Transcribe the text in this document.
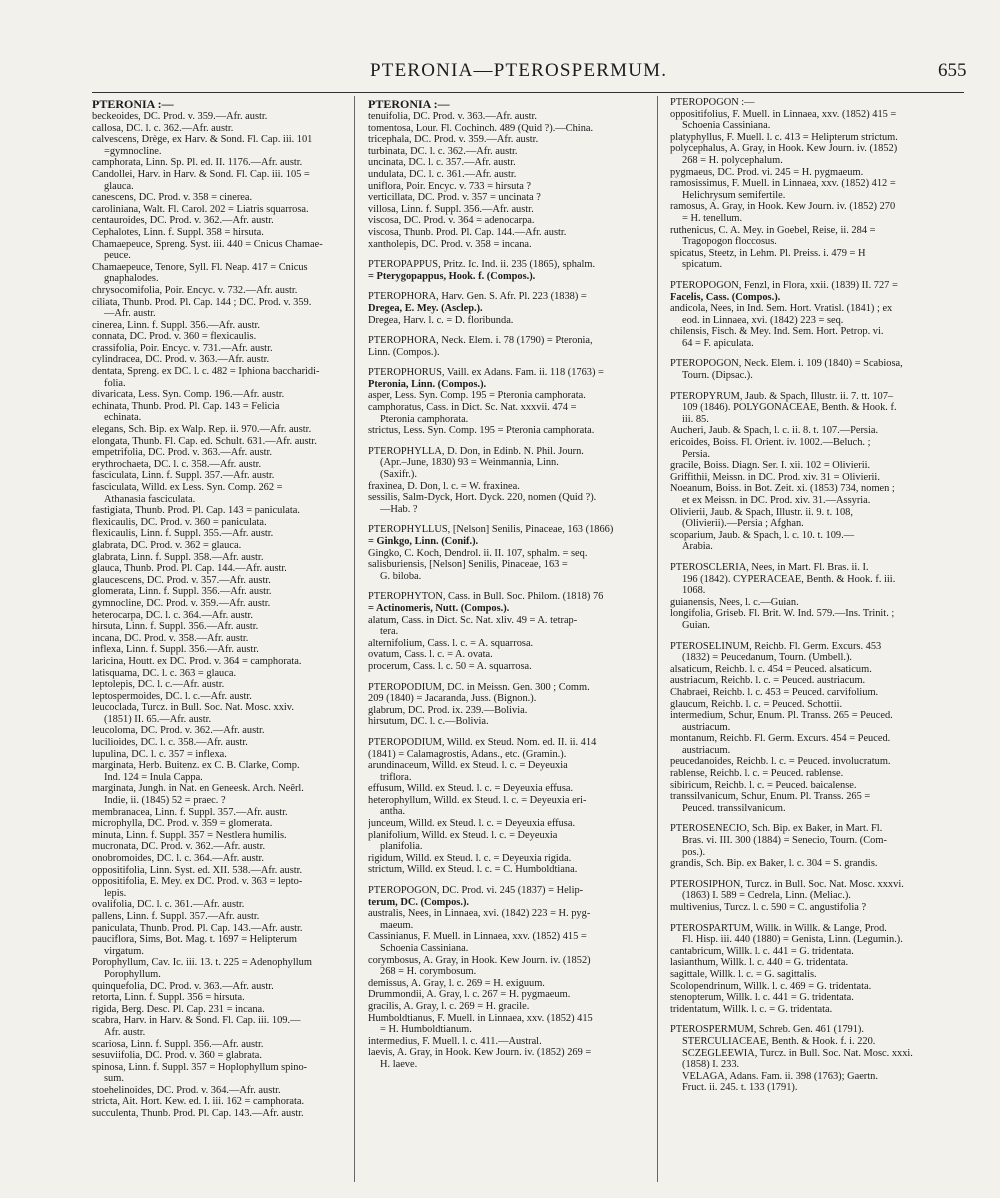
PTERONIA—PTEROSPERMUM.	655
PTERONIA :—
beckeoides, DC. Prod. v. 359.—Afr. austr.
callosa, DC. l. c. 362.—Afr. austr.
calvescens, Drège, ex Harv. & Sond. Fl. Cap. iii. 101
=gymnocline.
camphorata, Linn. Sp. Pl. ed. II. 1176.—Afr. austr.
Candollei, Harv. in Harv. & Sond. Fl. Cap. iii. 105 =
glauca.
canescens, DC. Prod. v. 358 = cinerea.
caroliniana, Walt. Fl. Carol. 202 = Liatris squarrosa.
centauroides, DC. Prod. v. 362.—Afr. austr.
Cephalotes, Linn. f. Suppl. 358 = hirsuta.
Chamaepeuce, Spreng. Syst. iii. 440 = Cnicus Chamae-
peuce.
Chamaepeuce, Tenore, Syll. Fl. Neap. 417 = Cnicus
gnaphalodes.
chrysocomifolia, Poir. Encyc. v. 732.—Afr. austr.
ciliata, Thunb. Prod. Pl. Cap. 144 ; DC. Prod. v. 359.
—Afr. austr.
cinerea, Linn. f. Suppl. 356.—Afr. austr.
connata, DC. Prod. v. 360 = flexicaulis.
crassifolia, Poir. Encyc. v. 731.—Afr. austr.
cylindracea, DC. Prod. v. 363.—Afr. austr.
dentata, Spreng. ex DC. l. c. 482 = Iphiona baccharidi-
folia.
divaricata, Less. Syn. Comp. 196.—Afr. austr.
echinata, Thunb. Prod. Pl. Cap. 143 = Felicia
echinata.
elegans, Sch. Bip. ex Walp. Rep. ii. 970.—Afr. austr.
elongata, Thunb. Fl. Cap. ed. Schult. 631.—Afr. austr.
empetrifolia, DC. Prod. v. 363.—Afr. austr.
erythrochaeta, DC. l. c. 358.—Afr. austr.
fasciculata, Linn. f. Suppl. 357.—Afr. austr.
fasciculata, Willd. ex Less. Syn. Comp. 262 =
Athanasia fasciculata.
fastigiata, Thunb. Prod. Pl. Cap. 143 = paniculata.
flexicaulis, DC. Prod. v. 360 = paniculata.
flexicaulis, Linn. f. Suppl. 355.—Afr. austr.
glabrata, DC. Prod. v. 362 = glauca.
glabrata, Linn. f. Suppl. 358.—Afr. austr.
glauca, Thunb. Prod. Pl. Cap. 144.—Afr. austr.
glaucescens, DC. Prod. v. 357.—Afr. austr.
glomerata, Linn. f. Suppl. 356.—Afr. austr.
gymnocline, DC. Prod. v. 359.—Afr. austr.
heterocarpa, DC. l. c. 364.—Afr. austr.
hirsuta, Linn. f. Suppl. 356.—Afr. austr.
incana, DC. Prod. v. 358.—Afr. austr.
inflexa, Linn. f. Suppl. 356.—Afr. austr.
laricina, Houtt. ex DC. Prod. v. 364 = camphorata.
latisquama, DC. l. c. 363 = glauca.
leptolepis, DC. l. c.—Afr. austr.
leptospermoides, DC. l. c.—Afr. austr.
leucoclada, Turcz. in Bull. Soc. Nat. Mosc. xxiv.
(1851) II. 65.—Afr. austr.
leucoloma, DC. Prod. v. 362.—Afr. austr.
lucilioides, DC. l. c. 358.—Afr. austr.
lupulina, DC. l. c. 357 = inflexa.
marginata, Herb. Buitenz. ex C. B. Clarke, Comp.
Ind. 124 = Inula Cappa.
marginata, Jungh. in Nat. en Geneesk. Arch. Neêrl.
Indie, ii. (1845) 52 = praec. ?
membranacea, Linn. f. Suppl. 357.—Afr. austr.
microphylla, DC. Prod. v. 359 = glomerata.
minuta, Linn. f. Suppl. 357 = Nestlera humilis.
mucronata, DC. Prod. v. 362.—Afr. austr.
onobromoides, DC. l. c. 364.—Afr. austr.
oppositifolia, Linn. Syst. ed. XII. 538.—Afr. austr.
oppositifolia, E. Mey. ex DC. Prod. v. 363 = lepto-
lepis.
ovalifolia, DC. l. c. 361.—Afr. austr.
pallens, Linn. f. Suppl. 357.—Afr. austr.
paniculata, Thunb. Prod. Pl. Cap. 143.—Afr. austr.
pauciflora, Sims, Bot. Mag. t. 1697 = Helipterum
virgatum.
Porophyllum, Cav. Ic. iii. 13. t. 225 = Adenophyllum
Porophyllum.
quinquefolia, DC. Prod. v. 363.—Afr. austr.
retorta, Linn. f. Suppl. 356 = hirsuta.
rigida, Berg. Desc. Pl. Cap. 231 = incana.
scabra, Harv. in Harv. & Sond. Fl. Cap. iii. 109.—
Afr. austr.
scariosa, Linn. f. Suppl. 356.—Afr. austr.
sesuviifolia, DC. Prod. v. 360 = glabrata.
spinosa, Linn. f. Suppl. 357 = Hoplophyllum spino-
sum.
stoehelinoides, DC. Prod. v. 364.—Afr. austr.
stricta, Ait. Hort. Kew. ed. I. iii. 162 = camphorata.
succulenta, Thunb. Prod. Pl. Cap. 143.—Afr. austr.
PTERONIA :—
tenuifolia, DC. Prod. v. 363.—Afr. austr.
tomentosa, Lour. Fl. Cochinch. 489 (Quid ?).—China.
tricephala, DC. Prod. v. 359.—Afr. austr.
turbinata, DC. l. c. 362.—Afr. austr.
uncinata, DC. l. c. 357.—Afr. austr.
undulata, DC. l. c. 361.—Afr. austr.
uniflora, Poir. Encyc. v. 733 = hirsuta ?
verticillata, DC. Prod. v. 357 = uncinata ?
villosa, Linn. f. Suppl. 356.—Afr. austr.
viscosa, DC. Prod. v. 364 = adenocarpa.
viscosa, Thunb. Prod. Pl. Cap. 144.—Afr. austr.
xantholepis, DC. Prod. v. 358 = incana.
PTEROPAPPUS, Pritz. Ic. Ind. ii. 235 (1865), sphalm.
= Pterygopappus, Hook. f. (Compos.).
PTEROPHORA, Harv. Gen. S. Afr. Pl. 223 (1838) =
Dregea, E. Mey. (Asclep.).
Dregea, Harv. l. c. = D. floribunda.
PTEROPHORA, Neck. Elem. i. 78 (1790) = Pteronia,
Linn. (Compos.).
PTEROPHORUS, Vaill. ex Adans. Fam. ii. 118 (1763) =
Pteronia, Linn. (Compos.).
asper, Less. Syn. Comp. 195 = Pteronia camphorata.
camphoratus, Cass. in Dict. Sc. Nat. xxxvii. 474 =
Pteronia camphorata.
strictus, Less. Syn. Comp. 195 = Pteronia camphorata.
PTEROPHYLLA, D. Don, in Edinb. N. Phil. Journ.
(Apr.–June, 1830) 93 = Weinmannia, Linn.
(Saxifr.).
fraxinea, D. Don, l. c. = W. fraxinea.
sessilis, Salm-Dyck, Hort. Dyck. 220, nomen (Quid ?).
—Hab. ?
PTEROPHYLLUS, [Nelson] Senilis, Pinaceae, 163 (1866)
= Ginkgo, Linn. (Conif.).
Gingko, C. Koch, Dendrol. ii. II. 107, sphalm. = seq.
salisburiensis, [Nelson] Senilis, Pinaceae, 163 =
G. biloba.
PTEROPHYTON, Cass. in Bull. Soc. Philom. (1818) 76
= Actinomeris, Nutt. (Compos.).
alatum, Cass. in Dict. Sc. Nat. xliv. 49 = A. tetrap-
tera.
alternifolium, Cass. l. c. = A. squarrosa.
ovatum, Cass. l. c. = A. ovata.
procerum, Cass. l. c. 50 = A. squarrosa.
PTEROPODIUM, DC. in Meissn. Gen. 300 ; Comm.
209 (1840) = Jacaranda, Juss. (Bignon.).
glabrum, DC. Prod. ix. 239.—Bolivia.
hirsutum, DC. l. c.—Bolivia.
PTEROPODIUM, Willd. ex Steud. Nom. ed. II. ii. 414
(1841) = Calamagrostis, Adans., etc. (Gramin.).
arundinaceum, Willd. ex Steud. l. c. = Deyeuxia
triflora.
effusum, Willd. ex Steud. l. c. = Deyeuxia effusa.
heterophyllum, Willd. ex Steud. l. c. = Deyeuxia eri-
antha.
junceum, Willd. ex Steud. l. c. = Deyeuxia effusa.
planifolium, Willd. ex Steud. l. c. = Deyeuxia
planifolia.
rigidum, Willd. ex Steud. l. c. = Deyeuxia rigida.
strictum, Willd. ex Steud. l. c. = C. Humboldtiana.
PTEROPOGON, DC. Prod. vi. 245 (1837) = Helip-
terum, DC. (Compos.).
australis, Nees, in Linnaea, xvi. (1842) 223 = H. pyg-
maeum.
Cassinianus, F. Muell. in Linnaea, xxv. (1852) 415 =
Schoenia Cassiniana.
corymbosus, A. Gray, in Hook. Kew Journ. iv. (1852)
268 = H. corymbosum.
demissus, A. Gray, l. c. 269 = H. exiguum.
Drummondii, A. Gray, l. c. 267 = H. pygmaeum.
gracilis, A. Gray, l. c. 269 = H. gracile.
Humboldtianus, F. Muell. in Linnaea, xxv. (1852) 415
= H. Humboldtianum.
intermedius, F. Muell. l. c. 411.—Austral.
laevis, A. Gray, in Hook. Kew Journ. iv. (1852) 269 =
H. laeve.
PTEROPOGON :—
oppositifolius, F. Muell. in Linnaea, xxv. (1852) 415 =
Schoenia Cassiniana.
platyphyllus, F. Muell. l. c. 413 = Helipterum strictum.
polycephalus, A. Gray, in Hook. Kew Journ. iv. (1852)
268 = H. polycephalum.
pygmaeus, DC. Prod. vi. 245 = H. pygmaeum.
ramosissimus, F. Muell. in Linnaea, xxv. (1852) 412 =
Helichrysum semifertile.
ramosus, A. Gray, in Hook. Kew Journ. iv. (1852) 270
= H. tenellum.
ruthenicus, C. A. Mey. in Goebel, Reise, ii. 284 =
Tragopogon floccosus.
spicatus, Steetz, in Lehm. Pl. Preiss. i. 479 = H
spicatum.
PTEROPOGON, Fenzl, in Flora, xxii. (1839) II. 727 =
Facelis, Cass. (Compos.).
andicola, Nees, in Ind. Sem. Hort. Vratisl. (1841) ; ex
eod. in Linnaea, xvi. (1842) 223 = seq.
chilensis, Fisch. & Mey. Ind. Sem. Hort. Petrop. vi.
64 = F. apiculata.
PTEROPOGON, Neck. Elem. i. 109 (1840) = Scabiosa,
Tourn. (Dipsac.).
PTEROPYRUM, Jaub. & Spach, Illustr. ii. 7. tt. 107–
109 (1846). POLYGONACEAE, Benth. & Hook. f.
iii. 85.
Aucheri, Jaub. & Spach, l. c. ii. 8. t. 107.—Persia.
ericoides, Boiss. Fl. Orient. iv. 1002.—Beluch. ;
Persia.
gracile, Boiss. Diagn. Ser. I. xii. 102 = Olivierii.
Griffithii, Meissn. in DC. Prod. xiv. 31 = Olivierii.
Noeanum, Boiss. in Bot. Zeit. xi. (1853) 734, nomen ;
et ex Meissn. in DC. Prod. xiv. 31.—Assyria.
Olivierii, Jaub. & Spach, Illustr. ii. 9. t. 108,
(Olivierii).—Persia ; Afghan.
scoparium, Jaub. & Spach, l. c. 10. t. 109.—
Arabia.
PTEROSCLERIA, Nees, in Mart. Fl. Bras. ii. I.
196 (1842). CYPERACEAE, Benth. & Hook. f. iii.
1068.
guianensis, Nees, l. c.—Guian.
longifolia, Griseb. Fl. Brit. W. Ind. 579.—Ins. Trinit. ;
Guian.
PTEROSELINUM, Reichb. Fl. Germ. Excurs. 453
(1832) = Peucedanum, Tourn. (Umbell.).
alsaticum, Reichb. l. c. 454 = Peuced. alsaticum.
austriacum, Reichb. l. c. = Peuced. austriacum.
Chabraei, Reichb. l. c. 453 = Peuced. carvifolium.
glaucum, Reichb. l. c. = Peuced. Schottii.
intermedium, Schur, Enum. Pl. Transs. 265 = Peuced.
austriacum.
montanum, Reichb. Fl. Germ. Excurs. 454 = Peuced.
austriacum.
peucedanoides, Reichb. l. c. = Peuced. involucratum.
rablense, Reichb. l. c. = Peuced. rablense.
sibiricum, Reichb. l. c. = Peuced. baicalense.
transsilvanicum, Schur, Enum. Pl. Transs. 265 =
Peuced. transsilvanicum.
PTEROSENECIO, Sch. Bip. ex Baker, in Mart. Fl.
Bras. vi. III. 300 (1884) = Senecio, Tourn. (Com-
pos.).
grandis, Sch. Bip. ex Baker, l. c. 304 = S. grandis.
PTEROSIPHON, Turcz. in Bull. Soc. Nat. Mosc. xxxvi.
(1863) I. 589 = Cedrela, Linn. (Meliac.).
multivenius, Turcz. l. c. 590 = C. angustifolia ?
PTEROSPARTUM, Willk. in Willk. & Lange, Prod.
Fl. Hisp. iii. 440 (1880) = Genista, Linn. (Legumin.).
cantabricum, Willk. l. c. 441 = G. tridentata.
lasianthum, Willk. l. c. 440 = G. tridentata.
sagittale, Willk. l. c. = G. sagittalis.
Scolopendrinum, Willk. l. c. 469 = G. tridentata.
stenopterum, Willk. l. c. 441 = G. tridentata.
tridentatum, Willk. l. c. = G. tridentata.
PTEROSPERMUM, Schreb. Gen. 461 (1791).
STERCULIACEAE, Benth. & Hook. f. i. 220.
SCZEGLEEWIA, Turcz. in Bull. Soc. Nat. Mosc. xxxi.
(1858) I. 233.
VELAGA, Adans. Fam. ii. 398 (1763); Gaertn.
Fruct. ii. 245. t. 133 (1791).
